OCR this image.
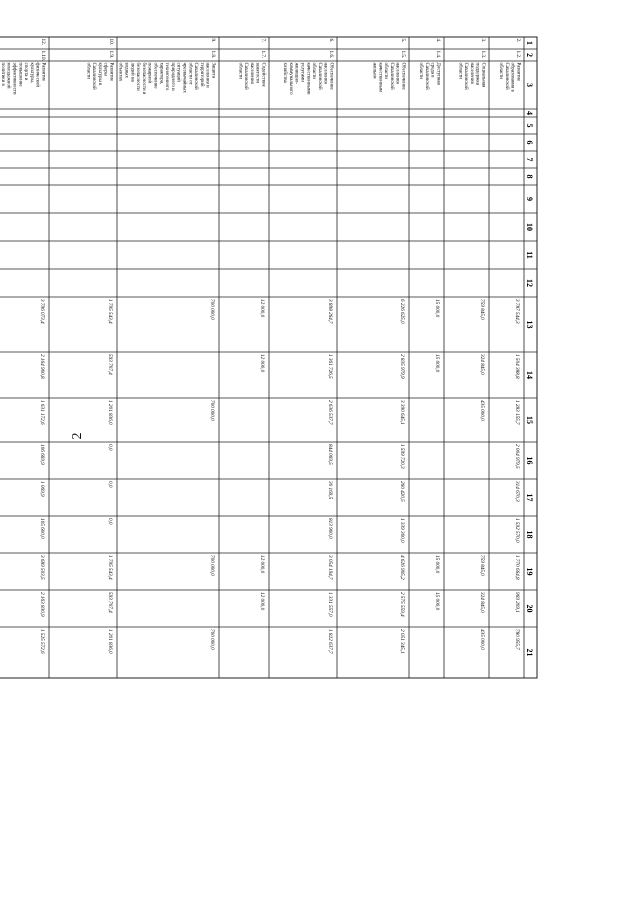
2
1
2
3
4
5
6
7
8
9
10
11
12
13
14
15
16
17
18
19
20
21
2.
1.2.
Развитиеобразования вСахалинскойобласти
3 787 544,3
1 504 388,8
1 283 155,7
2 004 979,5
314 670,3
1 592 570,0
1 770 664,8
969 209,1
780 955,7
3.
1.3.
СоциальнаяподдержканаселенияСахалинскойобласти
759 845,0
324 845,0
435 000,0
759 845,0
324 845,0
435 000,0
4.
1.4.
Доступнаясреда вСахалинскойобласти
15 000,0
15 000,0
15 000,0
15 000,0
5.
1.5.
ОбеспечениенаселенияСахалинскойобластикачественнымжильем
6 226 625,0
2 835 979,9
3 390 645,1
1 599 720,3
260 420,5
1 339 300,0
4 626 905,2
2 575 559,4
2 051 345,1
6.
1.6.
ОбеспечениенаселенияСахалинскойобластикачественнымиуслугамижилищно-коммунальногохозяйства
3 898 264,7
1 361 726,5
2 636 537,7
844 069,5
30 169,5
813 900,0
3 054 194,7
1 331 557,0
1 822 637,7
7.
1.7.
СодействиезанятостинаселенияСахалинскойобласти
12 000,0
12 000,0
12 000,0
12 000,0
9.
1.8.
Защитанаселения итерриторийСахалинскойобласти отчрезвычайныхситуацийприродного итехногенногохарактера,обеспечениепожарнойбезопасности ибезопасностилюдей наводныхобъектах
700 000,0
700 000,0
700 000,0
700 000,0
10.
1.9.
Развитиесферыкультуры вСахалинскойобласти
1 795 543,4
593 707,4
1 201 836,0
0,0
0,0
0,0
1 795 543,4
593 707,4
1 201 836,0
12.
1.10.
Развитиефизическойкультуры,спорта иповышениеэффективностимолодежнойполитики в
3 796 073,4
2 164 900,8
1 631 172,6
106 669,9
1 069,9
105 600,0
3 689 503,5
2 163 830,9
1 525 572,6
